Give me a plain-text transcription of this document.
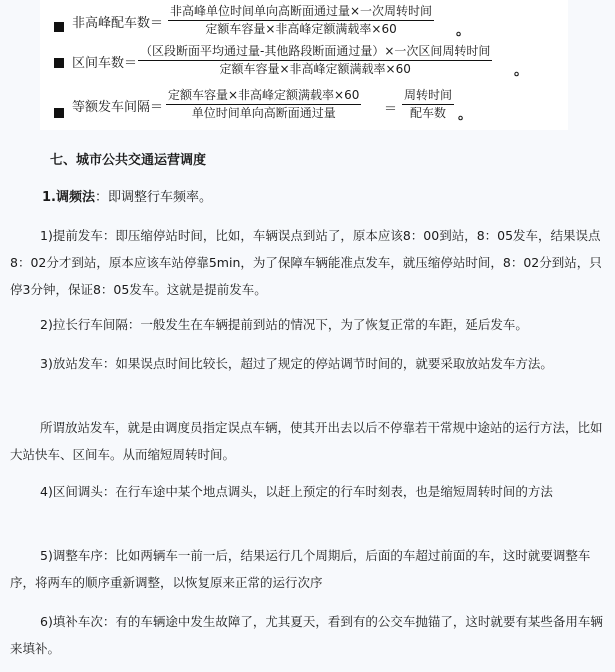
非高峰配车数＝
非高峰单位时间单向高断面通过量×一次周转时间
定额车容量×非高峰定额满载率×60	。
区间车数＝
（区段断面平均通过量-其他路段断面通过量）×一次区间周转时间
定额车容量×非高峰定额满载率×60	。
等额发车间隔＝
定额车容量×非高峰定额满载率×60
单位时间单向高断面通过量	＝
周转时间
配车数 。
七、城市公共交通运营调度
1.调频法：即调整行车频率。

1)提前发车：即压缩停站时间，比如，车辆误点到站了，原本应该8：00到站，8：05发车，结果误点8：02分才到站，原本应该车站停靠5min，为了保障车辆能准点发车，就压缩停站时间，8：02分到站，只停3分钟，保证8：05发车。这就是提前发车。

2)拉长行车间隔：一般发生在车辆提前到站的情况下，为了恢复正常的车距，延后发车。

3)放站发车：如果误点时间比较长，超过了规定的停站调节时间的，就要采取放站发车方法。

所谓放站发车，就是由调度员指定误点车辆，使其开出去以后不停靠若干常规中途站的运行方法，比如大站快车、区间车。从而缩短周转时间。

4)区间调头：在行车途中某个地点调头，以赶上预定的行车时刻表，也是缩短周转时间的方法

5)调整车序：比如两辆车一前一后，结果运行几个周期后，后面的车超过前面的车，这时就要调整车序，将两车的顺序重新调整，以恢复原来正常的运行次序

6)填补车次：有的车辆途中发生故障了，尤其夏天，看到有的公交车抛锚了，这时就要有某些备用车辆来填补。
